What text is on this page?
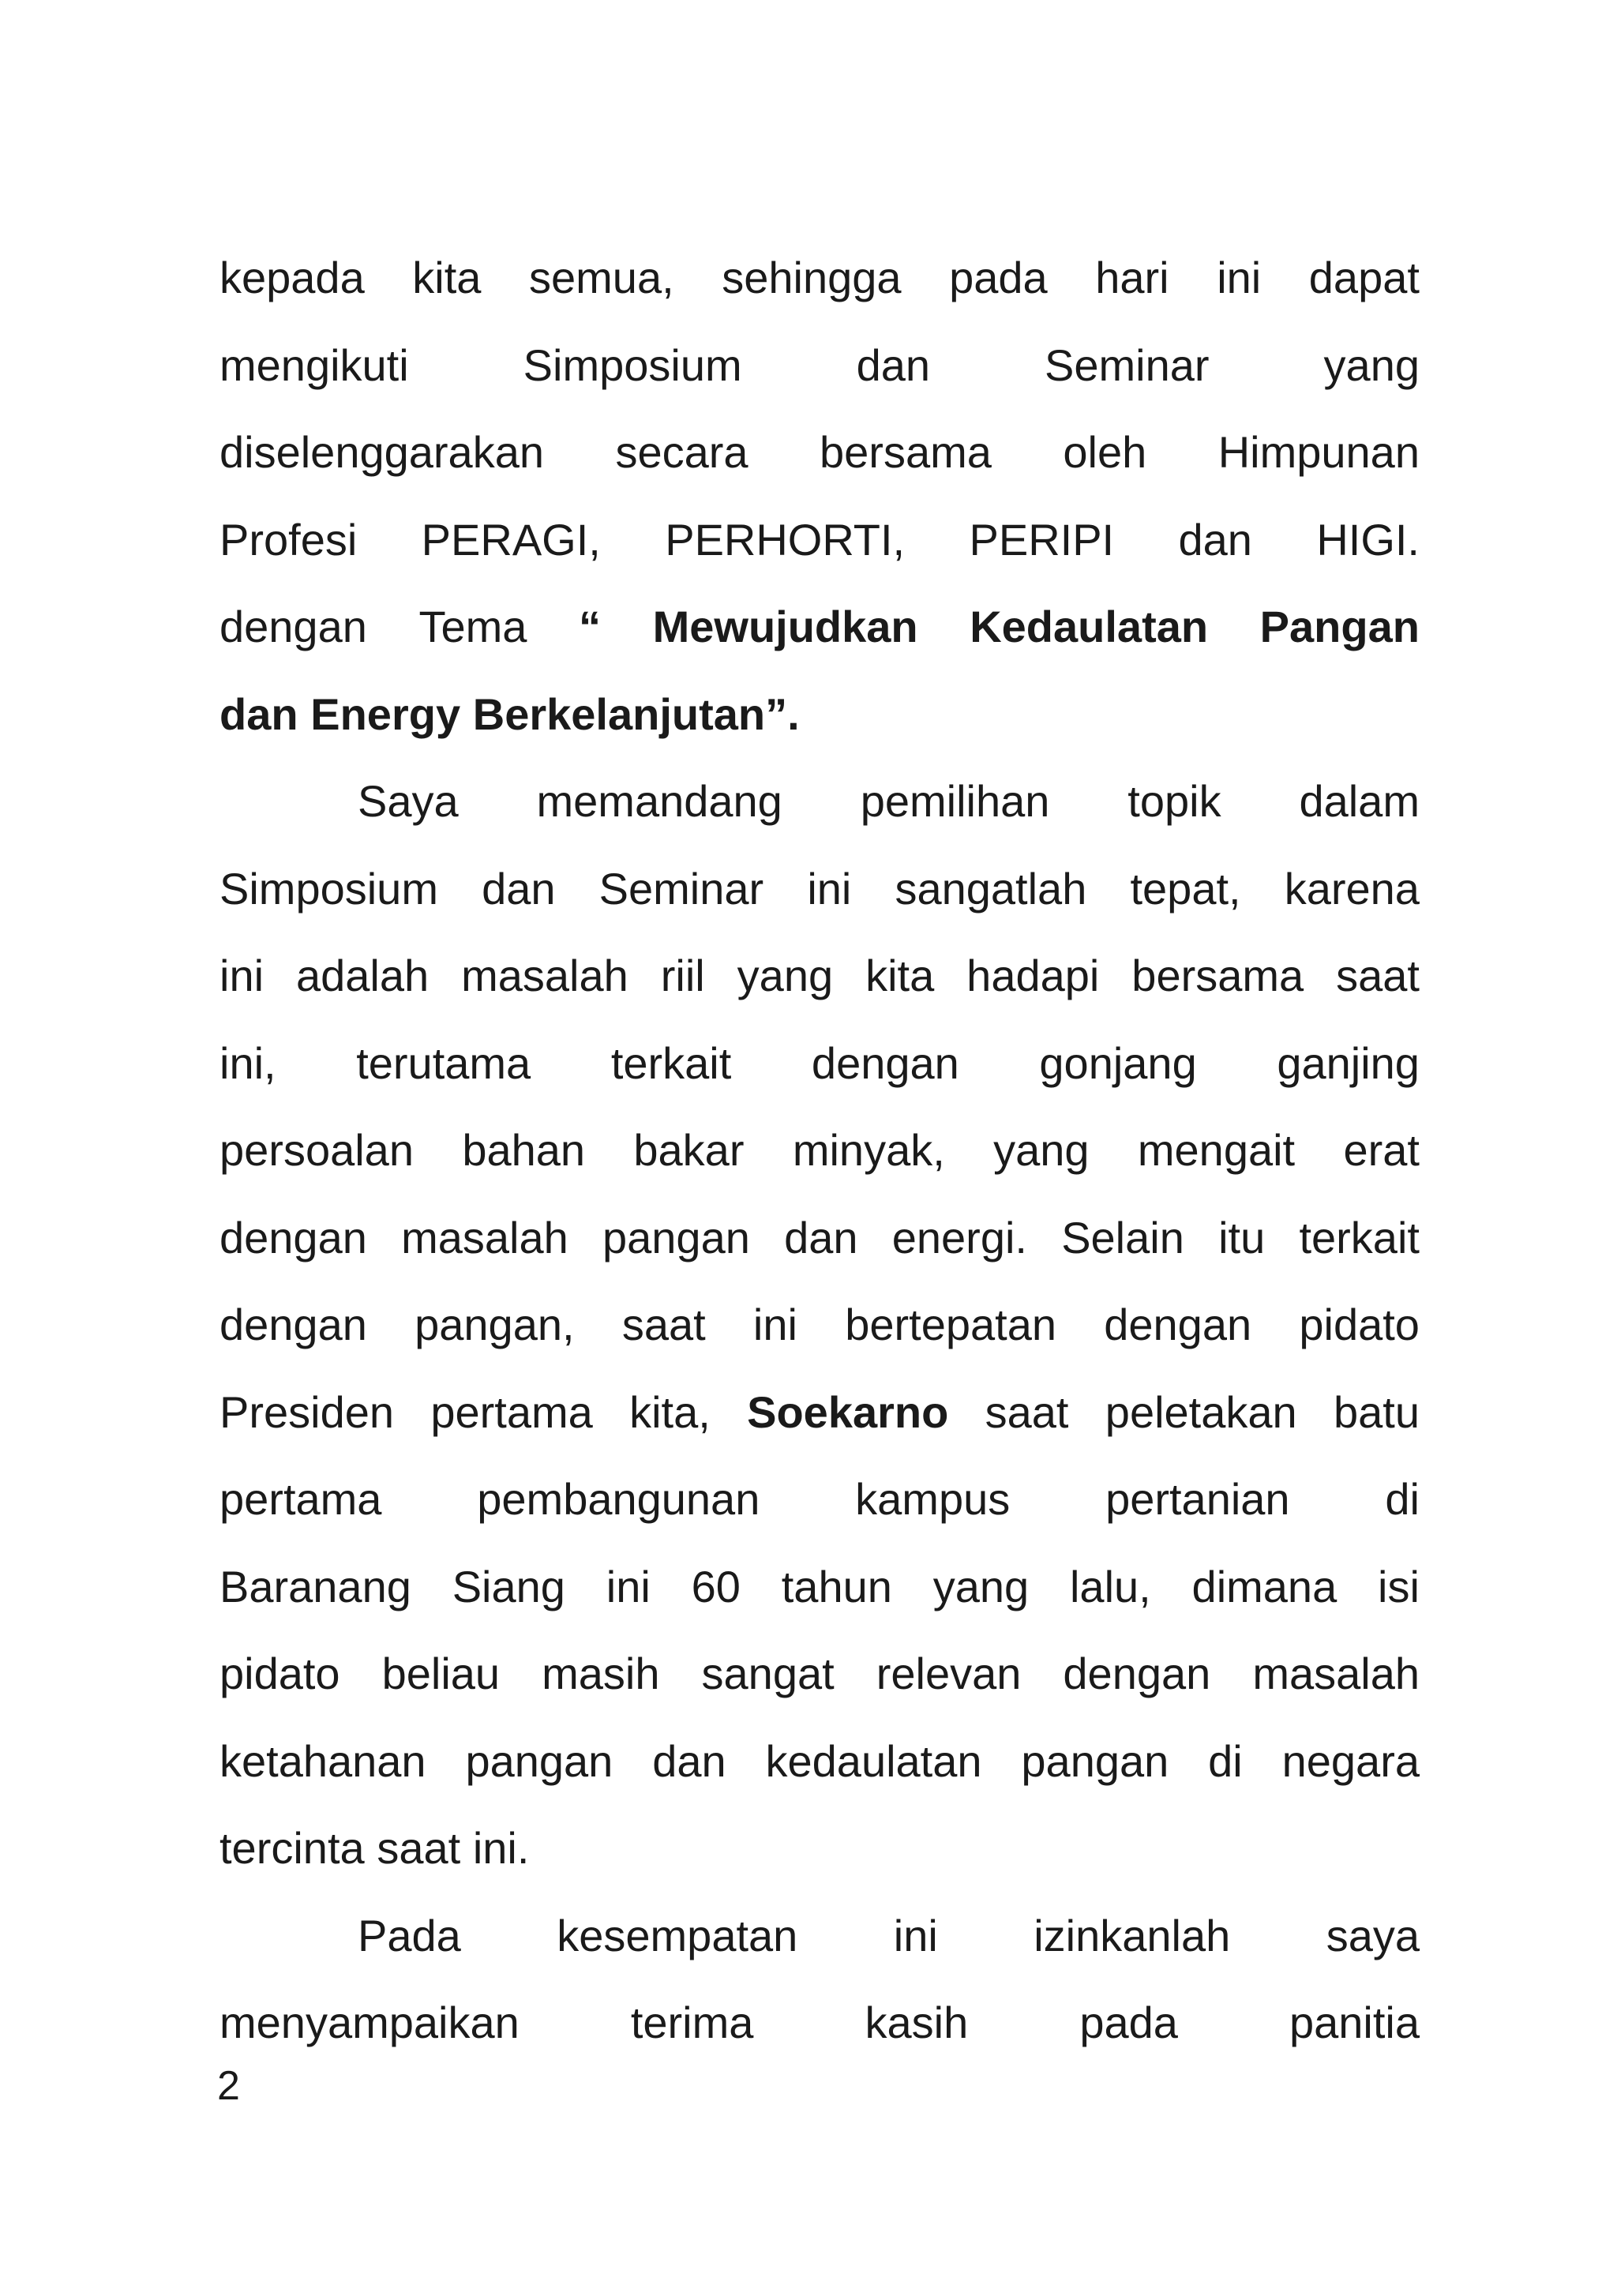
kepada kita semua, sehingga pada hari ini dapat
mengikuti	Simposium	dan	Seminar	yang
diselenggarakan secara bersama oleh Himpunan
Profesi PERAGI, PERHORTI, PERIPI dan HIGI.
dengan Tema “ Mewujudkan Kedaulatan Pangan
dan Energy Berkelanjutan”.
Saya memandang pemilihan topik dalam
Simposium dan Seminar ini sangatlah tepat, karena
ini adalah masalah riil yang kita hadapi bersama saat
ini, terutama terkait dengan gonjang ganjing
persoalan bahan bakar minyak, yang mengait erat
dengan masalah pangan dan energi. Selain itu terkait
dengan pangan, saat ini bertepatan dengan pidato
Presiden pertama kita, Soekarno saat peletakan batu
pertama pembangunan kampus pertanian di
Baranang Siang ini 60 tahun yang lalu, dimana isi
pidato beliau masih sangat relevan dengan masalah
ketahanan pangan dan kedaulatan pangan di negara
tercinta saat ini.
Pada kesempatan ini izinkanlah saya
menyampaikan	terima	kasih	pada	panitia
2
